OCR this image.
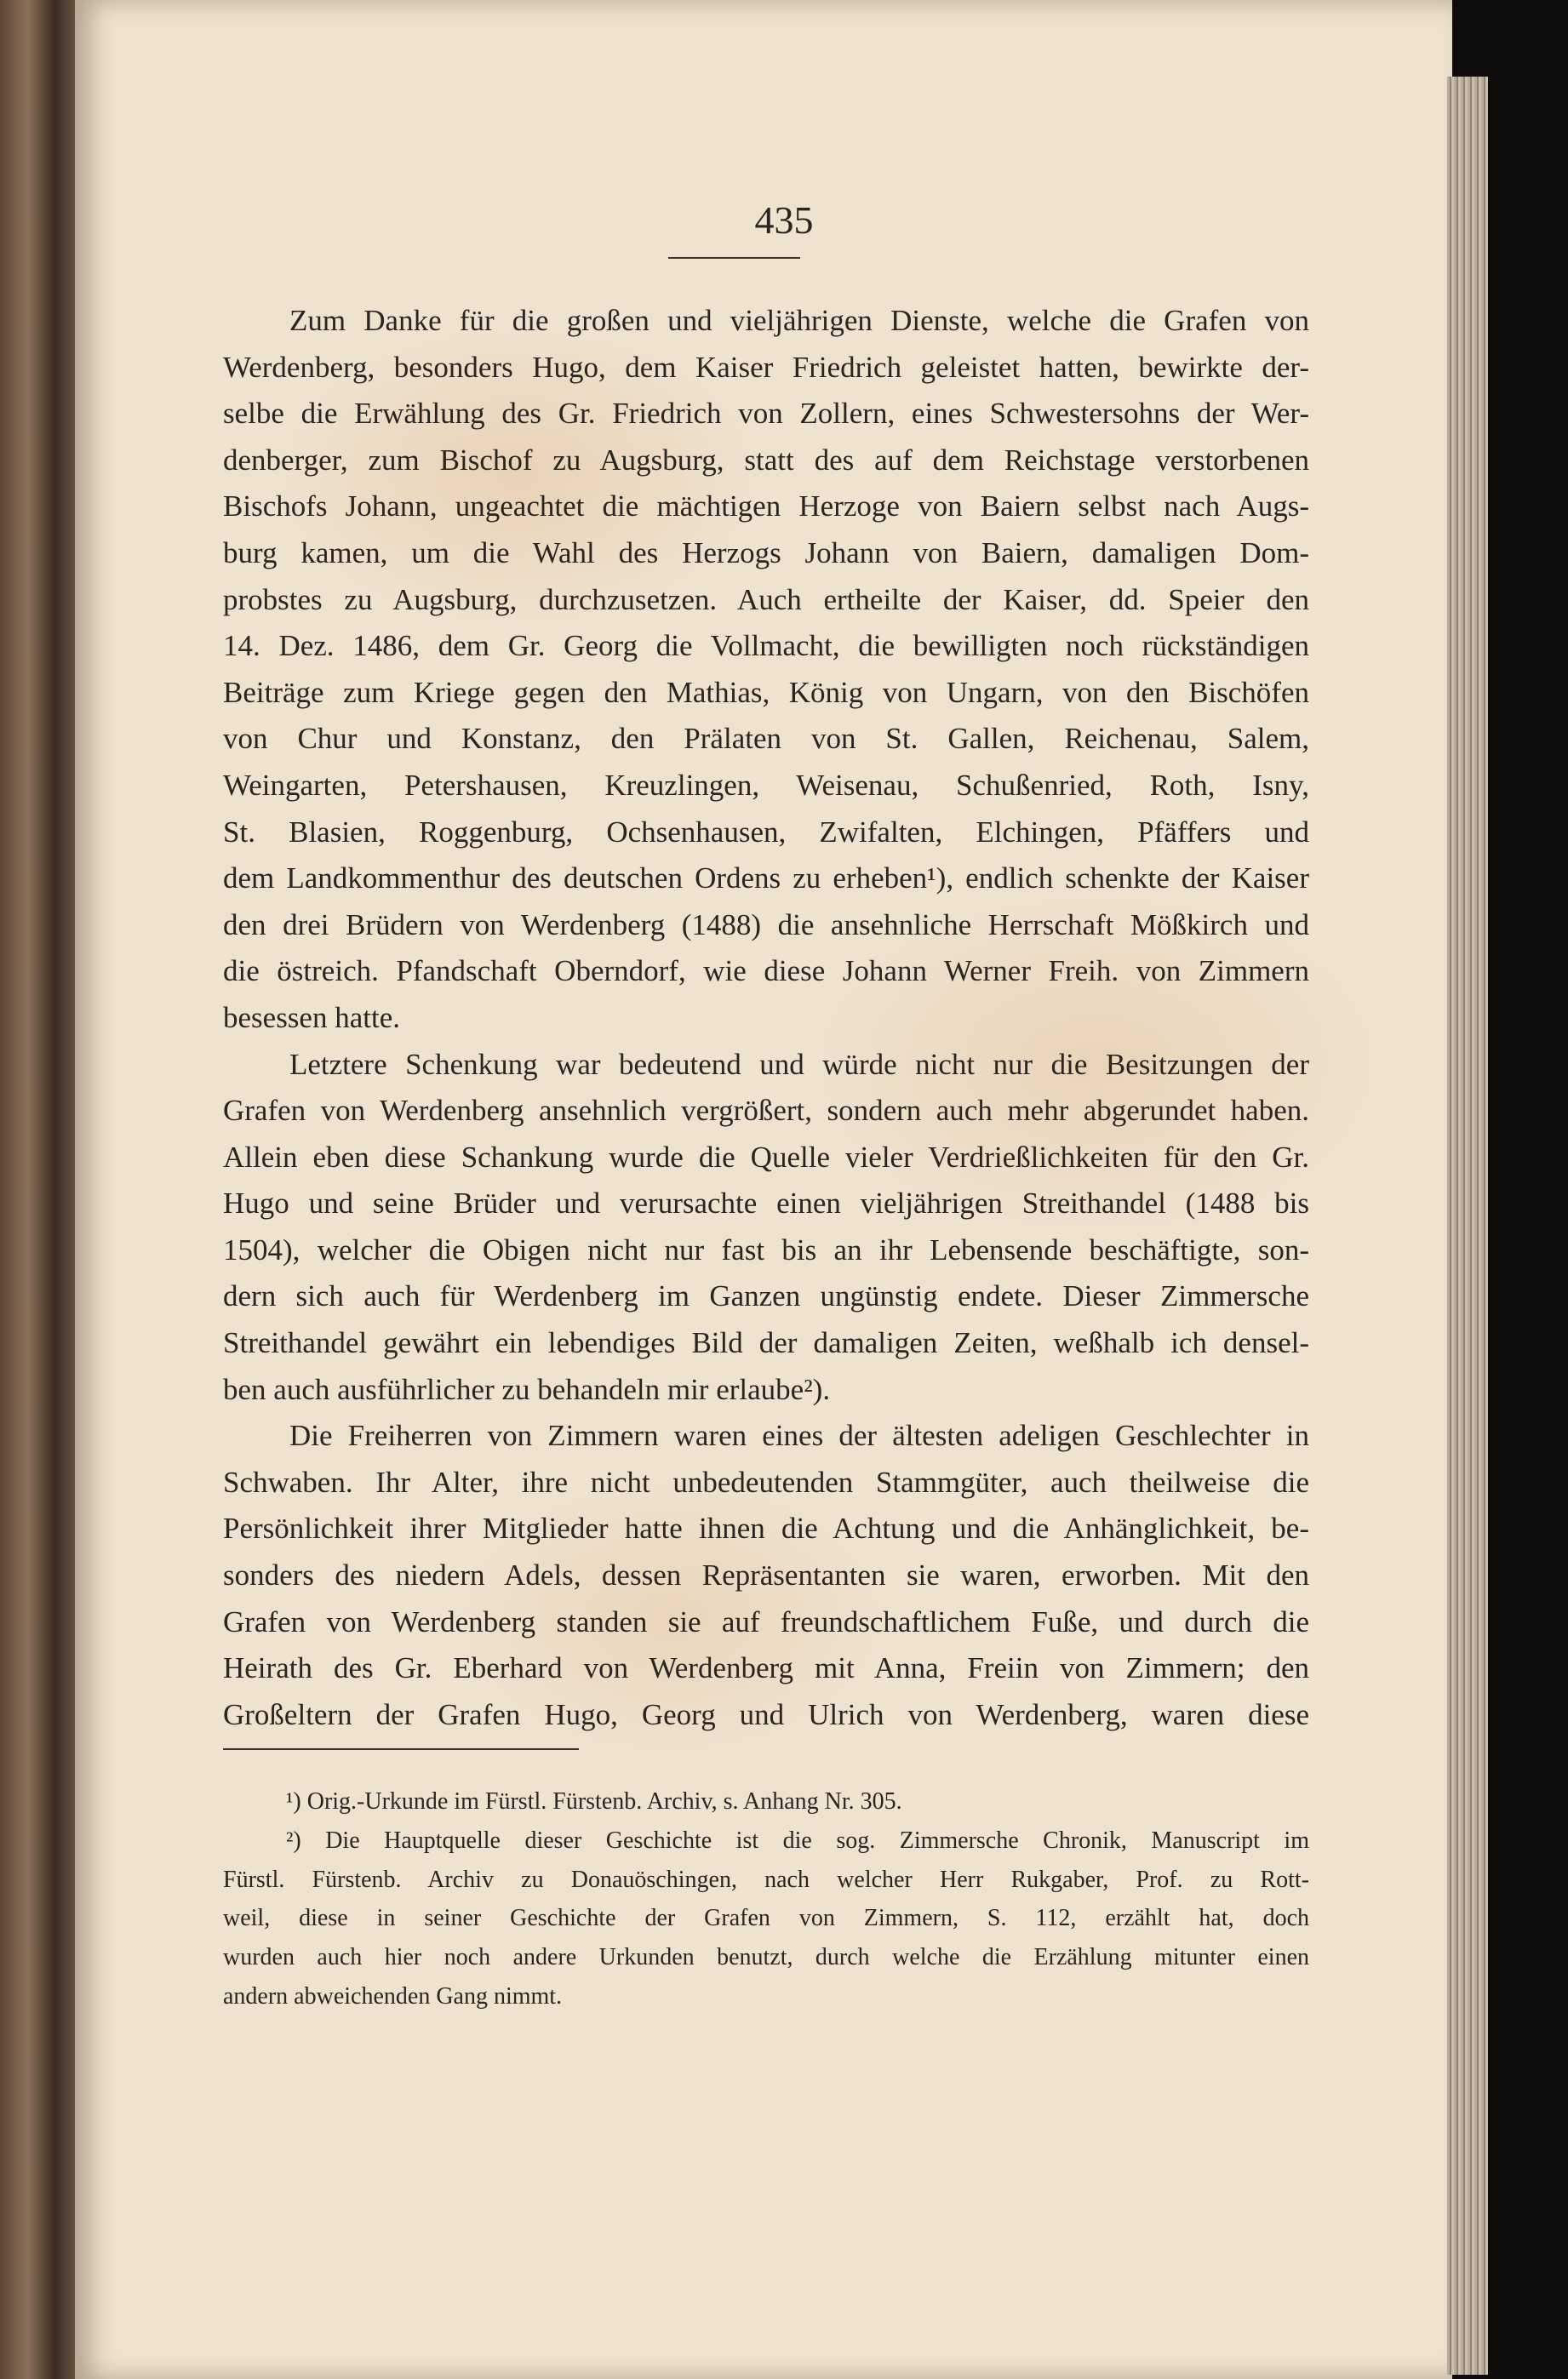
435
Zum Danke für die großen und vieljährigen Dienste, welche die Grafen von
Werdenberg, besonders Hugo, dem Kaiser Friedrich geleistet hatten, bewirkte der-
selbe die Erwählung des Gr. Friedrich von Zollern, eines Schwestersohns der Wer-
denberger, zum Bischof zu Augsburg, statt des auf dem Reichstage verstorbenen
Bischofs Johann, ungeachtet die mächtigen Herzoge von Baiern selbst nach Augs-
burg kamen, um die Wahl des Herzogs Johann von Baiern, damaligen Dom-
probstes zu Augsburg, durchzusetzen. Auch ertheilte der Kaiser, dd. Speier den
14. Dez. 1486, dem Gr. Georg die Vollmacht, die bewilligten noch rückständigen
Beiträge zum Kriege gegen den Mathias, König von Ungarn, von den Bischöfen
von Chur und Konstanz, den Prälaten von St. Gallen, Reichenau, Salem,
Weingarten, Petershausen, Kreuzlingen, Weisenau, Schußenried, Roth, Isny,
St. Blasien, Roggenburg, Ochsenhausen, Zwifalten, Elchingen, Pfäffers und
dem Landkommenthur des deutschen Ordens zu erheben¹), endlich schenkte der Kaiser
den drei Brüdern von Werdenberg (1488) die ansehnliche Herrschaft Mößkirch und
die östreich. Pfandschaft Oberndorf, wie diese Johann Werner Freih. von Zimmern
besessen hatte.
Letztere Schenkung war bedeutend und würde nicht nur die Besitzungen der
Grafen von Werdenberg ansehnlich vergrößert, sondern auch mehr abgerundet haben.
Allein eben diese Schankung wurde die Quelle vieler Verdrießlichkeiten für den Gr.
Hugo und seine Brüder und verursachte einen vieljährigen Streithandel (1488 bis
1504), welcher die Obigen nicht nur fast bis an ihr Lebensende beschäftigte, son-
dern sich auch für Werdenberg im Ganzen ungünstig endete. Dieser Zimmersche
Streithandel gewährt ein lebendiges Bild der damaligen Zeiten, weßhalb ich densel-
ben auch ausführlicher zu behandeln mir erlaube²).
Die Freiherren von Zimmern waren eines der ältesten adeligen Geschlechter in
Schwaben. Ihr Alter, ihre nicht unbedeutenden Stammgüter, auch theilweise die
Persönlichkeit ihrer Mitglieder hatte ihnen die Achtung und die Anhänglichkeit, be-
sonders des niedern Adels, dessen Repräsentanten sie waren, erworben. Mit den
Grafen von Werdenberg standen sie auf freundschaftlichem Fuße, und durch die
Heirath des Gr. Eberhard von Werdenberg mit Anna, Freiin von Zimmern; den
Großeltern der Grafen Hugo, Georg und Ulrich von Werdenberg, waren diese
¹) Orig.-Urkunde im Fürstl. Fürstenb. Archiv, s. Anhang Nr. 305.
²) Die Hauptquelle dieser Geschichte ist die sog. Zimmersche Chronik, Manuscript im
Fürstl. Fürstenb. Archiv zu Donauöschingen, nach welcher Herr Rukgaber, Prof. zu Rott-
weil, diese in seiner Geschichte der Grafen von Zimmern, S. 112, erzählt hat, doch
wurden auch hier noch andere Urkunden benutzt, durch welche die Erzählung mitunter einen
andern abweichenden Gang nimmt.
